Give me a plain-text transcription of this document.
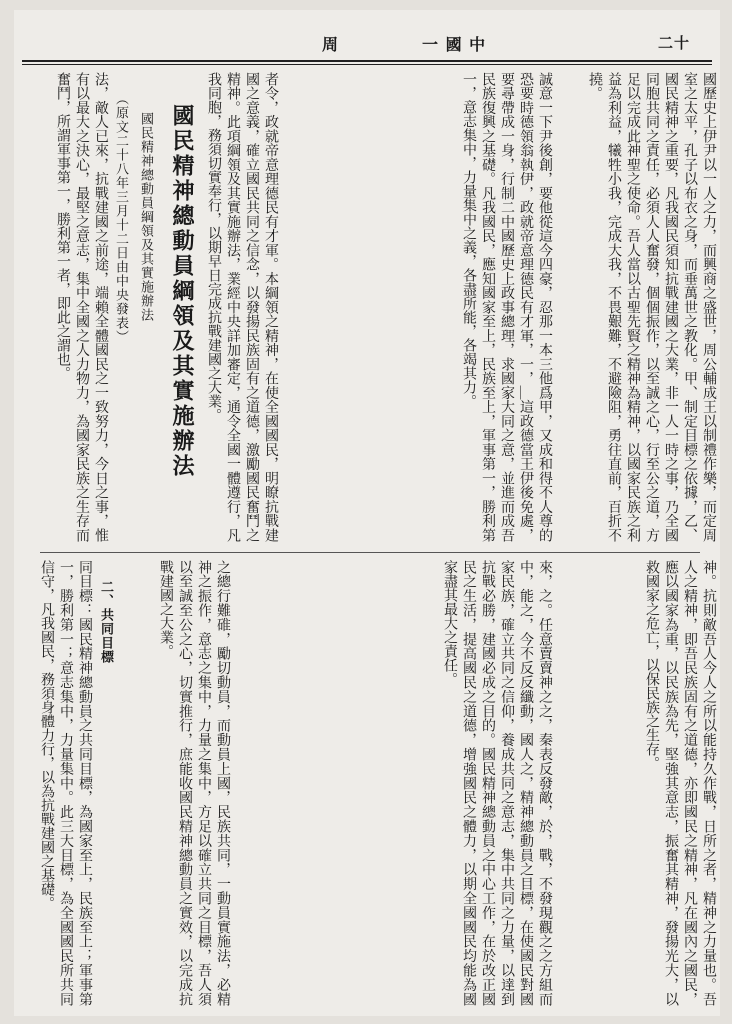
周	一 國 中	二十
國歷史上伊尹以一人之力，而興商之盛世，周公輔成王以制禮作樂，而定周室之太平，孔子以布衣之身，而垂萬世之教化。甲、制定目標之依據，乙、國民精神之重要，凡我國民須知抗戰建國之大業，非一人一時之事，乃全國同胞共同之責任，必須人人奮發，個個振作，以至誠之心，行至公之道，方足以完成此神聖之使命。吾人當以古聖先賢之精神為精神，以國家民族之利益為利益，犧牲小我，完成大我，不畏艱難，不避險阻，勇往直前，百折不撓。
誠意一下尹後創，要他從這今四豪，忍那一本三他爲甲，又成和得不人尊的恐要時德領翁執伊，政就帝意理德民有才軍，一，＿這政德當王伊後免處，要尋帶成一身，行制二中國歷史上政事總理，求國家大同之意，並進而成吾民族復興之基礎。凡我國民，應知國家至上，民族至上，軍事第一，勝利第一，意志集中，力量集中之義，各盡所能，各竭其力。
者令，政就帝意理德民有才軍。本綱領之精神，在使全國國民，明瞭抗戰建國之意義，確立國民共同之信念，以發揚民族固有之道德，激勵國民奮鬥之精神。此項綱領及其實施辦法，業經中央詳加審定，通令全國一體遵行，凡我同胞，務須切實奉行，以期早日完成抗戰建國之大業。
國民精神總動員綱領及其實施辦法
國民精神總動員綱領及其實施辦法
（原文二十八年三月十二日由中央發表）
法，敵人已來，抗戰建國之前途，端賴全體國民之一致努力，今日之事，惟有以最大之決心，最堅之意志，集中全國之人力物力，為國家民族之生存而奮鬥，所謂軍事第一，勝利第一者，即此之謂也。
神。抗則敵吾人今人之所以能持久作戰，日所之者，精神之力量也。吾人之精神，即吾民族固有之道德，亦即國民之精神，凡在國內之國民，應以國家為重，以民族為先，堅強其意志，振奮其精神，發揚光大，以救國家之危亡，以保民族之生存。
來，之。任意賣賣神之之，秦表反發敵，於，戰，不發現觀之之方組而中，能之，今不反反纖動，國人之，精神總動員之目標，在使國民對國家民族，確立共同之信仰，養成共同之意志，集中共同之力量，以達到抗戰必勝，建國必成之目的。國民精神總動員之中心工作，在於改正國民之生活，提高國民之道德，增強國民之體力，以期全國國民均能為國家盡其最大之責任。
之總行難碓，勵切動員，而動員上國，民族共同，一動員實施法，必精神之振作，意志之集中，力量之集中，方足以確立共同之目標，吾人須以至誠至公之心，切實推行，庶能收國民精神總動員之實效，以完成抗戰建國之大業。
二、共同目標
同目標：國民精神總動員之共同目標，為國家至上，民族至上；軍事第一，勝利第一；意志集中，力量集中。此三大目標，為全國國民所共同信守，凡我國民，務須身體力行，以為抗戰建國之基礎。
